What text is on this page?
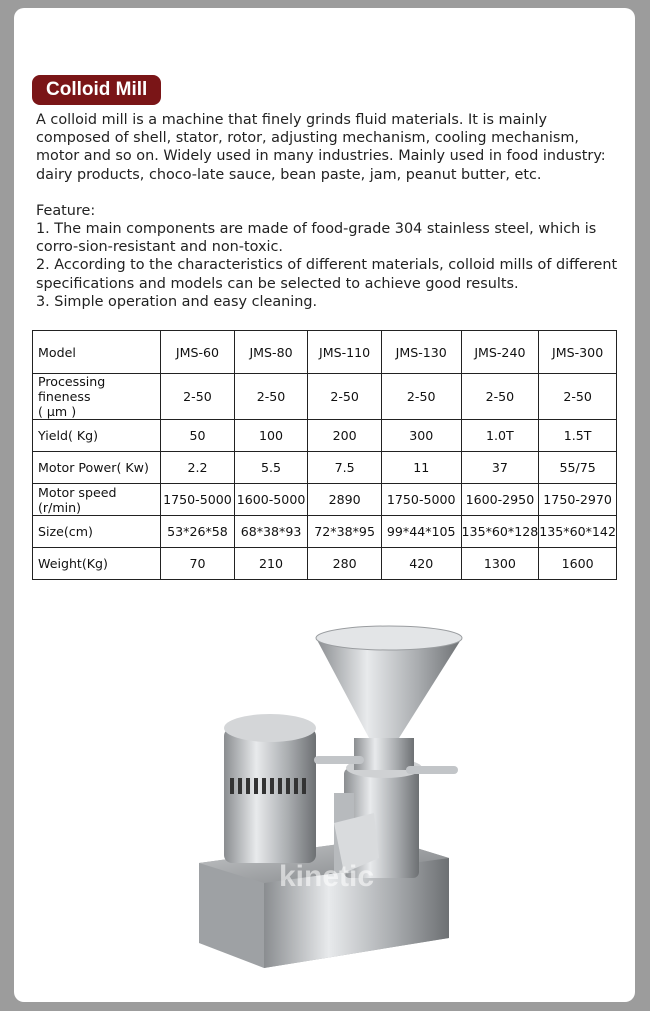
Colloid Mill

A colloid mill is a machine that finely grinds fluid materials. It is mainly composed of shell, stator, rotor, adjusting mechanism, cooling mechanism, motor and so on. Widely used in many industries. Mainly used in food industry: dairy products, choco-late sauce, bean paste, jam, peanut butter, etc.

Feature:

1. The main components are made of food-grade 304 stainless steel, which is corro-sion-resistant and non-toxic.

2. According to the characteristics of different materials, colloid mills of different specifications and models can be selected to achieve good results.

3. Simple operation and easy cleaning.

Model	JMS-60	JMS-80	JMS-110	JMS-130	JMS-240	JMS-300
Processing fineness
( μm )	2-50	2-50	2-50	2-50	2-50	2-50
Yield( Kg)	50	100	200	300	1.0T	1.5T
Motor Power( Kw)	2.2	5.5	7.5	11	37	55/75
Motor speed (r/min)	1750-5000	1600-5000	2890	1750-5000	1600-2950	1750-2970
Size(cm)	53*26*58	68*38*93	72*38*95	99*44*105	135*60*128	135*60*142
Weight(Kg)	70	210	280	420	1300	1600
kinetic
